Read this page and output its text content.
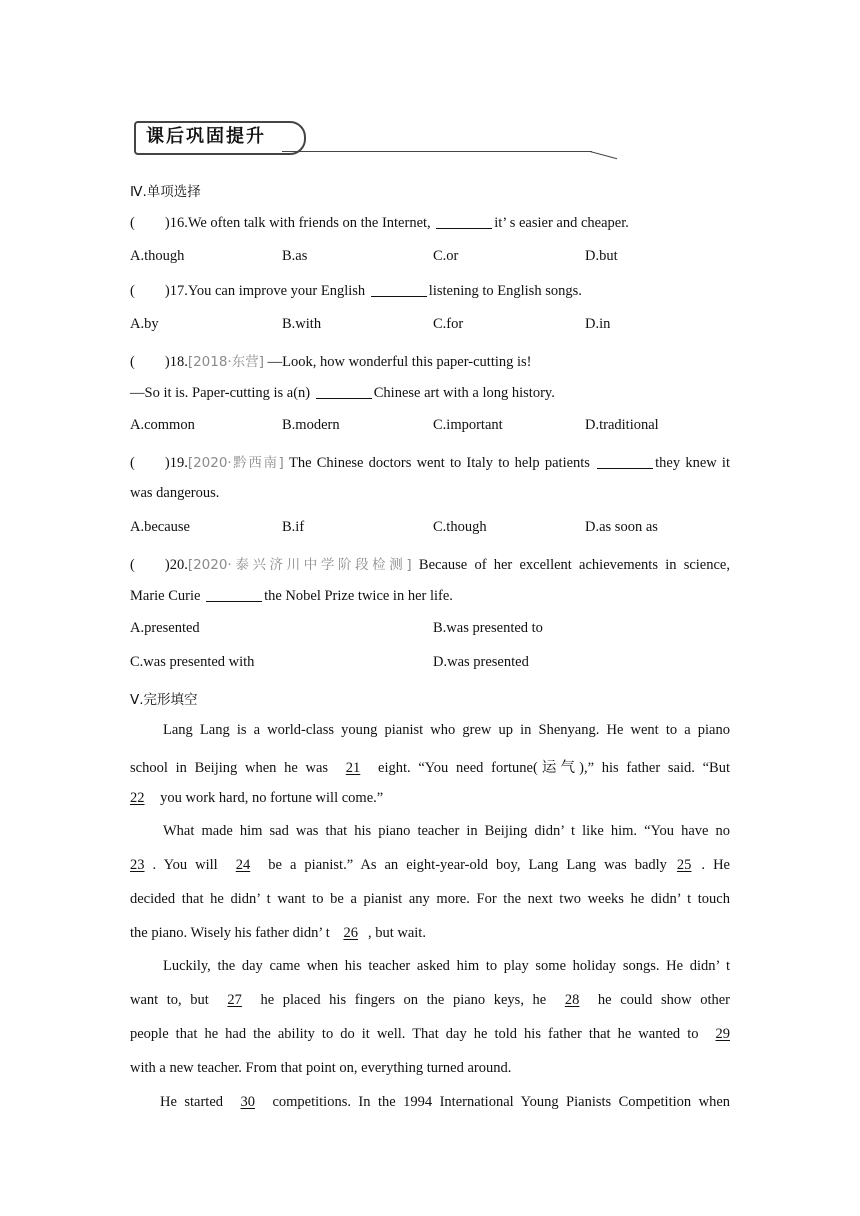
课后巩固提升
Ⅳ.单项选择
( )16.We often talk with friends on the Internet,	it’ s easier and cheaper.
A.though	B.as	C.or	D.but
( )17.You can improve your English	listening to English songs.
A.by	B.with	C.for	D.in
( )18.[2018·东营] —Look, how wonderful this paper-cutting is!
—So it is. Paper-cutting is a(n)	Chinese art with a long history.
A.common	B.modern	C.important	D.traditional
( )19.[2020·黔西南] The Chinese doctors went to Italy to help patients	they knew it
was dangerous.
A.because	B.if	C.though	D.as soon as
( )20.[2020·泰兴济川中学阶段检测] Because of her excellent achievements in science,
Marie Curie	the Nobel Prize twice in her life.
A.presented	B.was presented to
C.was presented with	D.was presented
Ⅴ.完形填空
Lang Lang is a world-class young pianist who grew up in Shenyang. He went to a piano
school in Beijing when he was 21 eight. “You need fortune(运气),” his father said. “But
22 you work hard, no fortune will come.”
What made him sad was that his piano teacher in Beijing didn’ t like him. “You have no
23 . You will 24 be a pianist.” As an eight-year-old boy, Lang Lang was badly 25 . He
decided that he didn’ t want to be a pianist any more. For the next two weeks he didn’ t touch
the piano. Wisely his father didn’ t 26 , but wait.
Luckily, the day came when his teacher asked him to play some holiday songs. He didn’ t
want to, but 27 he placed his fingers on the piano keys, he 28 he could show other
people that he had the ability to do it well. That day he told his father that he wanted to 29
with a new teacher. From that point on, everything turned around.
He started 30 competitions. In the 1994 International Young Pianists Competition when
